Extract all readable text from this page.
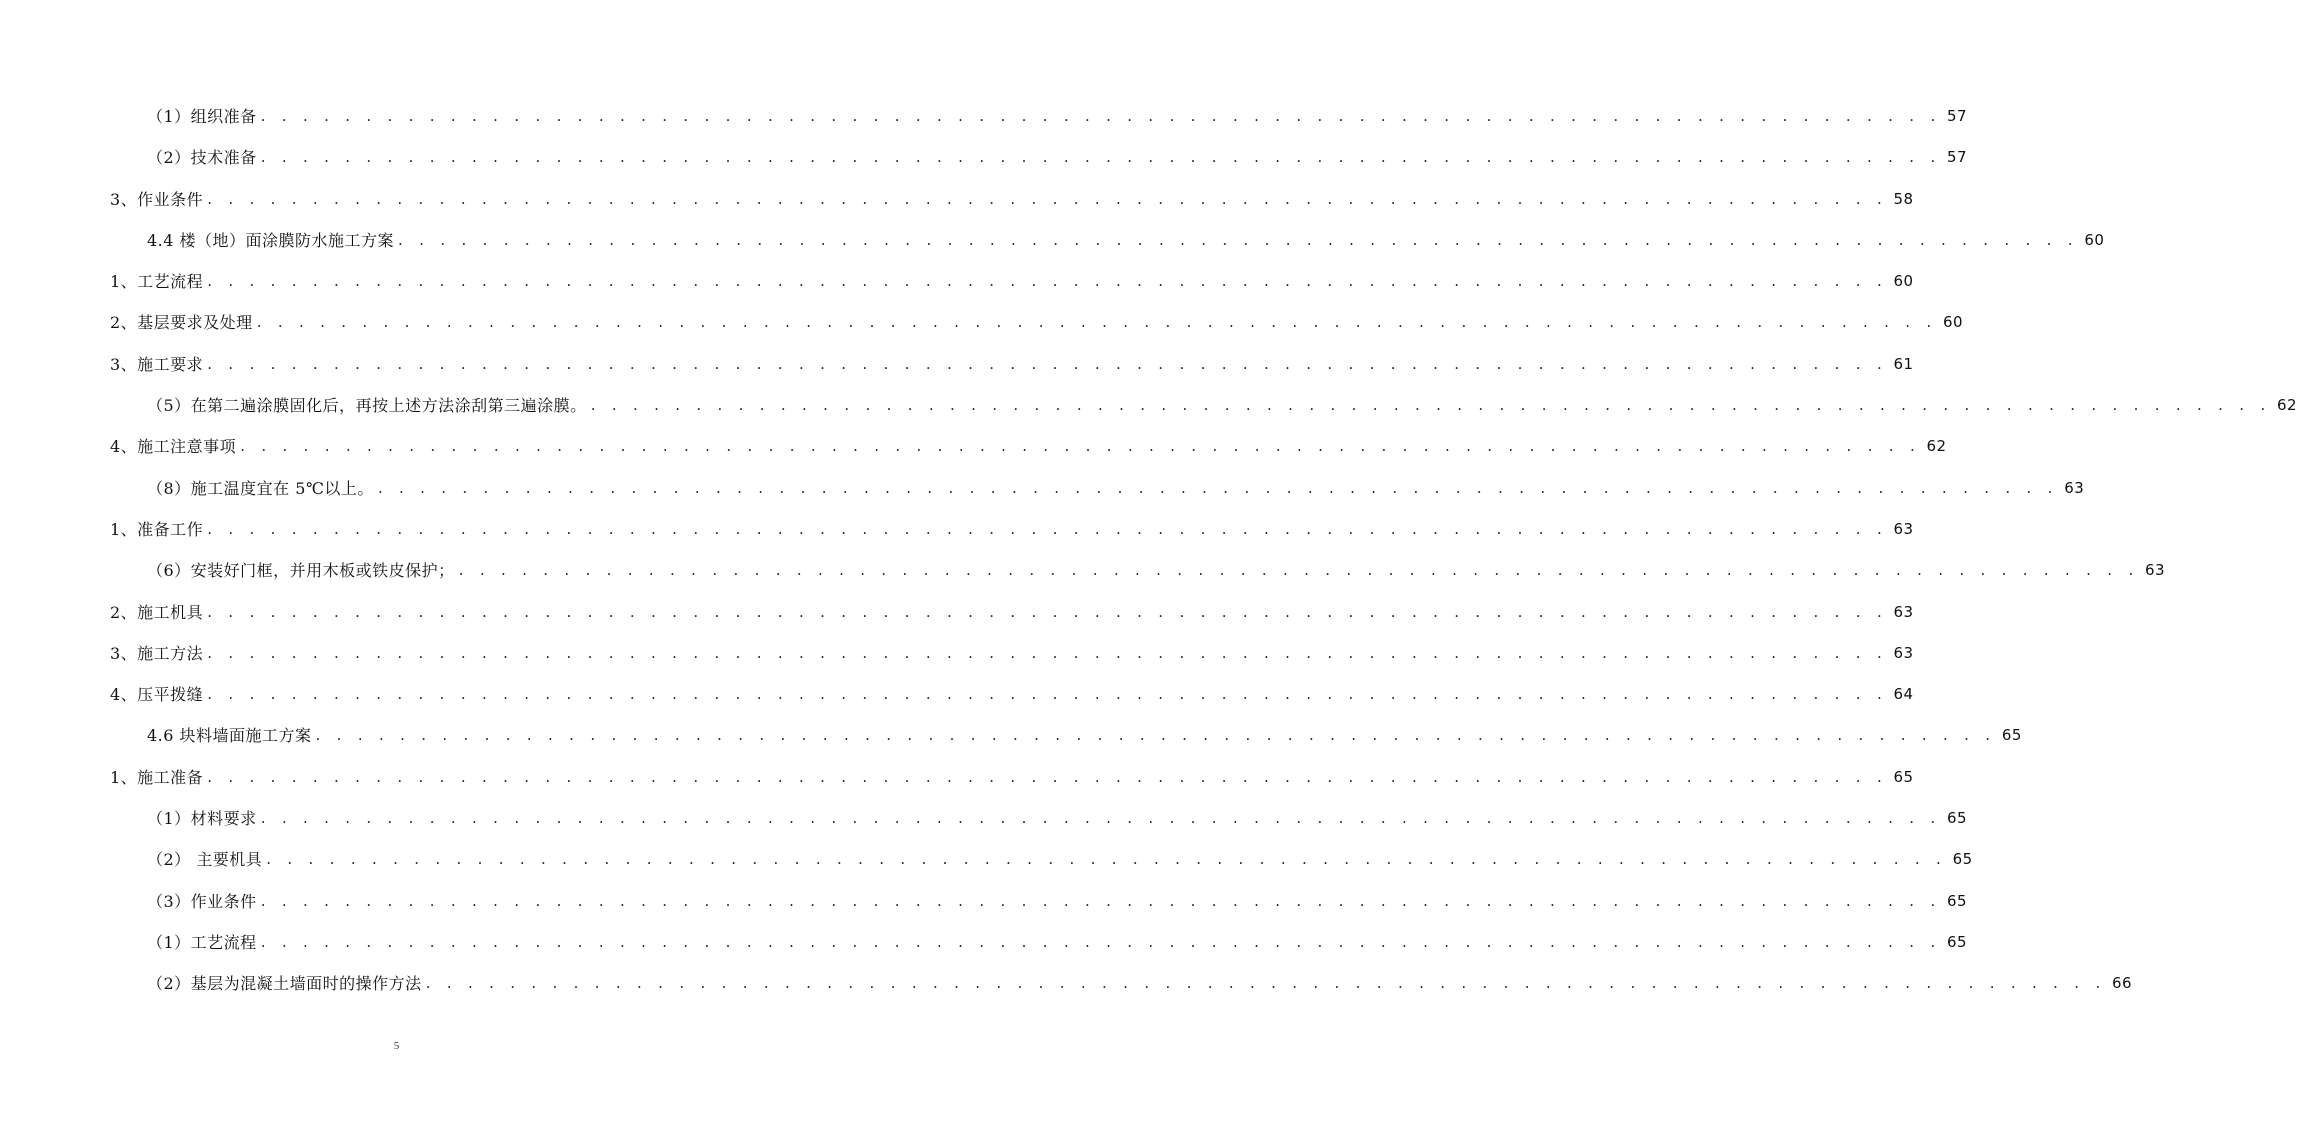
（1）组织准备 . . . . . . . . . . . . . . . . . . . . . . . . . . . . . . . . . . . . . . . . . . . . . . . . . . . . . . . . . . . . . . . . . . . . . . . . . . . . . . . . 57
（2）技术准备 . . . . . . . . . . . . . . . . . . . . . . . . . . . . . . . . . . . . . . . . . . . . . . . . . . . . . . . . . . . . . . . . . . . . . . . . . . . . . . . . 57
3、作业条件 . . . . . . . . . . . . . . . . . . . . . . . . . . . . . . . . . . . . . . . . . . . . . . . . . . . . . . . . . . . . . . . . . . . . . . . . . . . . . . . . 58
4.4 楼（地）面涂膜防水施工方案 . . . . . . . . . . . . . . . . . . . . . . . . . . . . . . . . . . . . . . . . . . . . . . . . . . . . . . . . . . . . . . . . . . . . . . . . . . . . . . . . 60
1、工艺流程 . . . . . . . . . . . . . . . . . . . . . . . . . . . . . . . . . . . . . . . . . . . . . . . . . . . . . . . . . . . . . . . . . . . . . . . . . . . . . . . . 60
2、基层要求及处理 . . . . . . . . . . . . . . . . . . . . . . . . . . . . . . . . . . . . . . . . . . . . . . . . . . . . . . . . . . . . . . . . . . . . . . . . . . . . . . . . 60
3、施工要求 . . . . . . . . . . . . . . . . . . . . . . . . . . . . . . . . . . . . . . . . . . . . . . . . . . . . . . . . . . . . . . . . . . . . . . . . . . . . . . . . 61
（5）在第二遍涂膜固化后，再按上述方法涂刮第三遍涂膜。 . . . . . . . . . . . . . . . . . . . . . . . . . . . . . . . . . . . . . . . . . . . . . . . . . . . . . . . . . . . . . . . . . . . . . . . . . . . . . . . . 62
4、施工注意事项 . . . . . . . . . . . . . . . . . . . . . . . . . . . . . . . . . . . . . . . . . . . . . . . . . . . . . . . . . . . . . . . . . . . . . . . . . . . . . . . . 62
（8）施工温度宜在 5℃以上。 . . . . . . . . . . . . . . . . . . . . . . . . . . . . . . . . . . . . . . . . . . . . . . . . . . . . . . . . . . . . . . . . . . . . . . . . . . . . . . . . 63
1、准备工作 . . . . . . . . . . . . . . . . . . . . . . . . . . . . . . . . . . . . . . . . . . . . . . . . . . . . . . . . . . . . . . . . . . . . . . . . . . . . . . . . 63
（6）安装好门框，并用木板或铁皮保护； . . . . . . . . . . . . . . . . . . . . . . . . . . . . . . . . . . . . . . . . . . . . . . . . . . . . . . . . . . . . . . . . . . . . . . . . . . . . . . . . 63
2、施工机具 . . . . . . . . . . . . . . . . . . . . . . . . . . . . . . . . . . . . . . . . . . . . . . . . . . . . . . . . . . . . . . . . . . . . . . . . . . . . . . . . 63
3、施工方法 . . . . . . . . . . . . . . . . . . . . . . . . . . . . . . . . . . . . . . . . . . . . . . . . . . . . . . . . . . . . . . . . . . . . . . . . . . . . . . . . 63
4、压平拨缝 . . . . . . . . . . . . . . . . . . . . . . . . . . . . . . . . . . . . . . . . . . . . . . . . . . . . . . . . . . . . . . . . . . . . . . . . . . . . . . . . 64
4.6 块料墙面施工方案 . . . . . . . . . . . . . . . . . . . . . . . . . . . . . . . . . . . . . . . . . . . . . . . . . . . . . . . . . . . . . . . . . . . . . . . . . . . . . . . . 65
1、施工准备 . . . . . . . . . . . . . . . . . . . . . . . . . . . . . . . . . . . . . . . . . . . . . . . . . . . . . . . . . . . . . . . . . . . . . . . . . . . . . . . . 65
（1）材料要求 . . . . . . . . . . . . . . . . . . . . . . . . . . . . . . . . . . . . . . . . . . . . . . . . . . . . . . . . . . . . . . . . . . . . . . . . . . . . . . . . 65
（2） 主要机具 . . . . . . . . . . . . . . . . . . . . . . . . . . . . . . . . . . . . . . . . . . . . . . . . . . . . . . . . . . . . . . . . . . . . . . . . . . . . . . . . 65
（3）作业条件 . . . . . . . . . . . . . . . . . . . . . . . . . . . . . . . . . . . . . . . . . . . . . . . . . . . . . . . . . . . . . . . . . . . . . . . . . . . . . . . . 65
（1）工艺流程 . . . . . . . . . . . . . . . . . . . . . . . . . . . . . . . . . . . . . . . . . . . . . . . . . . . . . . . . . . . . . . . . . . . . . . . . . . . . . . . . 65
（2）基层为混凝土墙面时的操作方法 . . . . . . . . . . . . . . . . . . . . . . . . . . . . . . . . . . . . . . . . . . . . . . . . . . . . . . . . . . . . . . . . . . . . . . . . . . . . . . . . 66
5
